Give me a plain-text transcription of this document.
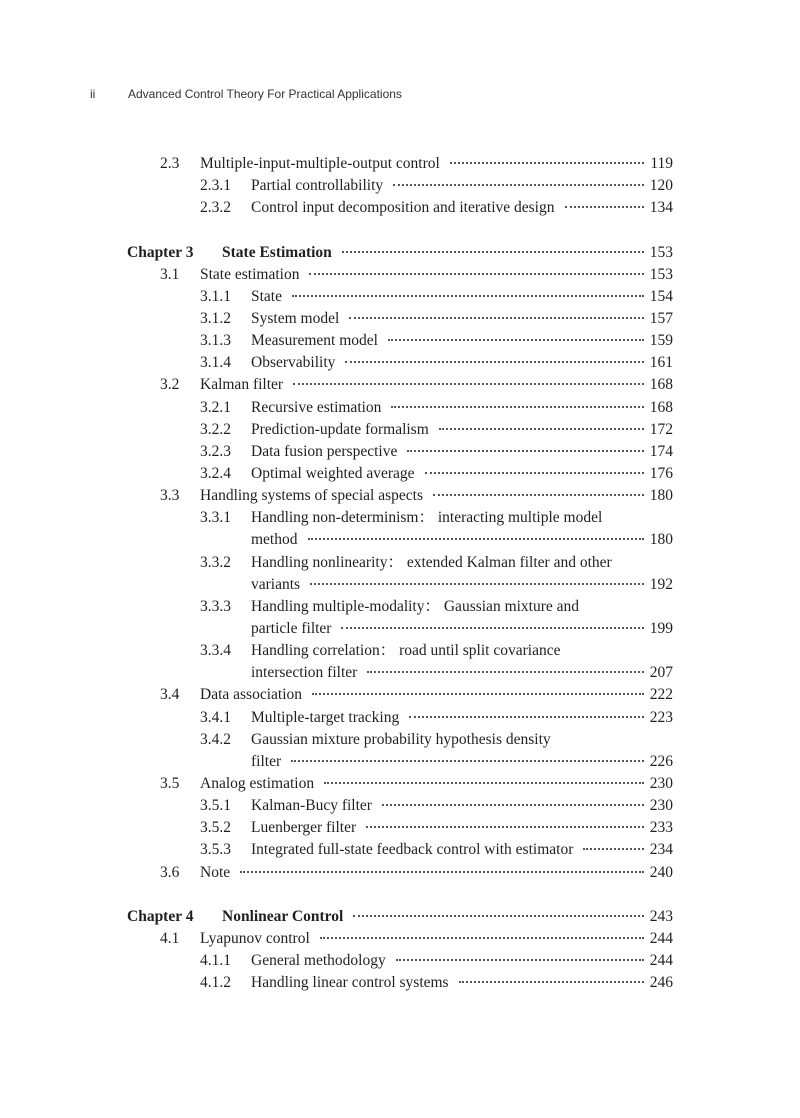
ii	Advanced Control Theory For Practical Applications
2.3	Multiple-input-multiple-output control	119
2.3.1	Partial controllability	120
2.3.2	Control input decomposition and iterative design	134
Chapter 3	State Estimation	153
3.1	State estimation	153
3.1.1	State	154
3.1.2	System model	157
3.1.3	Measurement model	159
3.1.4	Observability	161
3.2	Kalman filter	168
3.2.1	Recursive estimation	168
3.2.2	Prediction-update formalism	172
3.2.3	Data fusion perspective	174
3.2.4	Optimal weighted average	176
3.3	Handling systems of special aspects	180
3.3.1	Handling non-determinism： interacting multiple model
method	180
3.3.2	Handling nonlinearity： extended Kalman filter and other
variants	192
3.3.3	Handling multiple-modality： Gaussian mixture and
particle filter	199
3.3.4	Handling correlation： road until split covariance
intersection filter	207
3.4	Data association	222
3.4.1	Multiple-target tracking	223
3.4.2	Gaussian mixture probability hypothesis density
filter	226
3.5	Analog estimation	230
3.5.1	Kalman-Bucy filter	230
3.5.2	Luenberger filter	233
3.5.3	Integrated full-state feedback control with estimator	234
3.6	Note	240
Chapter 4	Nonlinear Control	243
4.1	Lyapunov control	244
4.1.1	General methodology	244
4.1.2	Handling linear control systems	246
